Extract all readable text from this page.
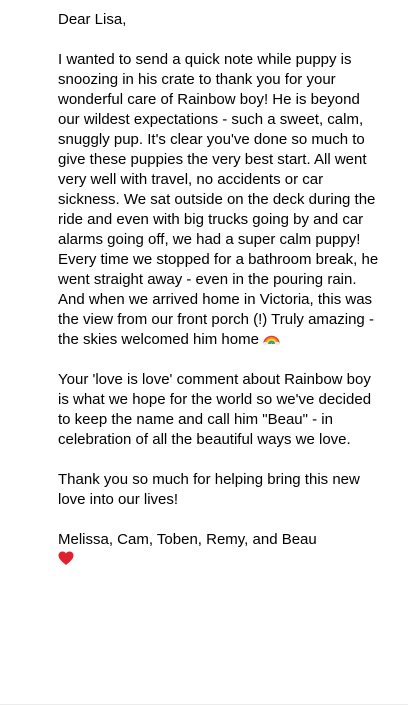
Dear Lisa,

I wanted to send a quick note while puppy is snoozing in his crate to thank you for your wonderful care of Rainbow boy! He is beyond our wildest expectations - such a sweet, calm, snuggly pup. It's clear you've done so much to give these puppies the very best start. All went very well with travel, no accidents or car sickness. We sat outside on the deck during the ride and even with big trucks going by and car alarms going off, we had a super calm puppy! Every time we stopped for a bathroom break, he went straight away - even in the pouring rain. And when we arrived home in Victoria, this was the view from our front porch (!) Truly amazing - the skies welcomed him home

Your 'love is love' comment about Rainbow boy is what we hope for the world so we've decided to keep the name and call him "Beau" - in celebration of all the beautiful ways we love.

Thank you so much for helping bring this new love into our lives!

Melissa, Cam, Toben, Remy, and Beau
